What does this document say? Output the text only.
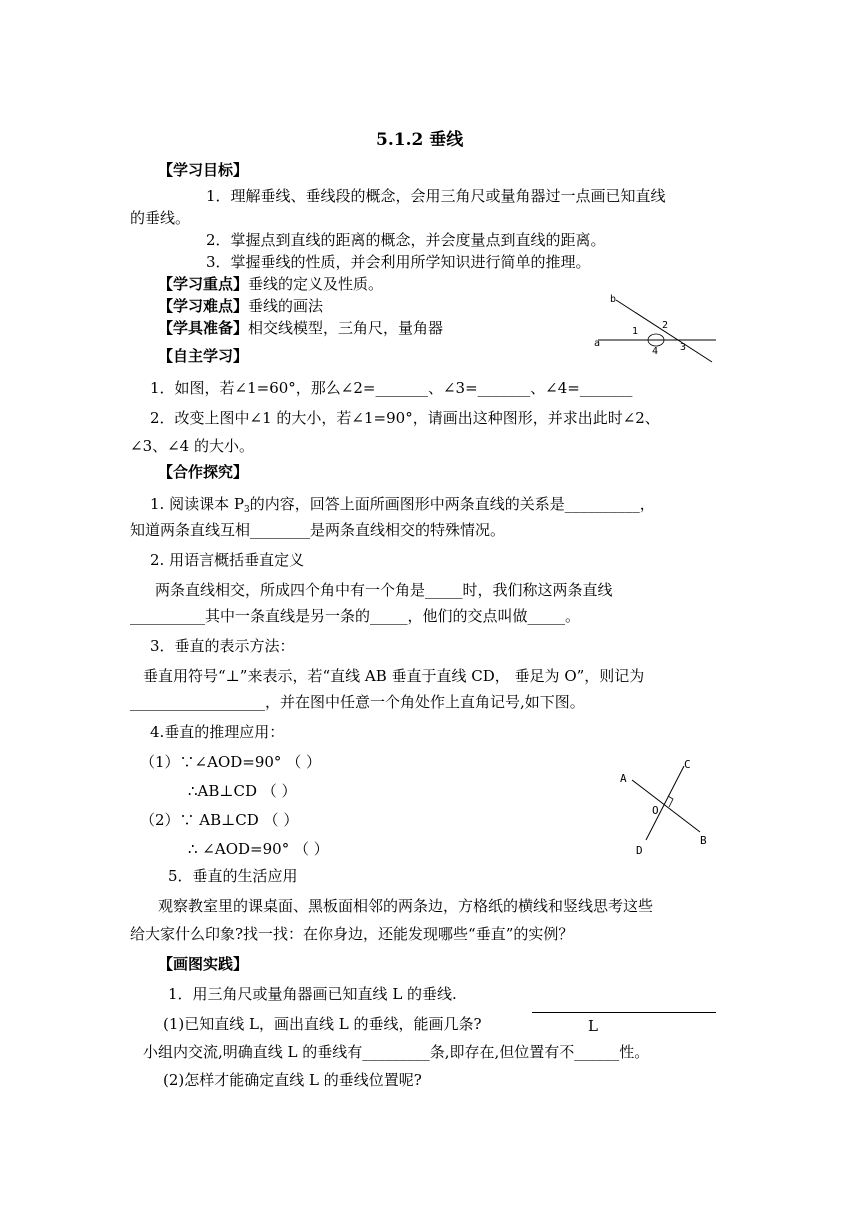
5.1.2 垂线
【学习目标】
1．理解垂线、垂线段的概念，会用三角尺或量角器过一点画已知直线
的垂线。
2．掌握点到直线的距离的概念，并会度量点到直线的距离。
3．掌握垂线的性质，并会利用所学知识进行简单的推理。
【学习重点】垂线的定义及性质。
【学习难点】垂线的画法
【学具准备】相交线模型，三角尺，量角器
a
b
1
2
3
4
【自主学习】
1．如图，若∠1=60°，那么∠2=_______、∠3=_______、∠4=_______
2．改变上图中∠1 的大小，若∠1=90°，请画出这种图形，并求出此时∠2、
∠3、∠4 的大小。
【合作探究】
1. 阅读课本 $P_3$的内容，回答上面所画图形中两条直线的关系是__________，
知道两条直线互相________是两条直线相交的特殊情况。
2. 用语言概括垂直定义
两条直线相交，所成四个角中有一个角是_____时，我们称这两条直线
__________其中一条直线是另一条的_____，他们的交点叫做_____。
3．垂直的表示方法：
垂直用符号“⊥”来表示，若“直线 AB 垂直于直线 CD， 垂足为 O”，则记为
__________________，并在图中任意一个角处作上直角记号,如下图。
4.垂直的推理应用：
（1）∵∠AOD=90° （ ）
∴AB⊥CD （ ）
（2）∵ AB⊥CD （ ）
∴ ∠AOD=90° （ ）
A
C
O
B
D
5．垂直的生活应用
观察教室里的课桌面、黑板面相邻的两条边，方格纸的横线和竖线思考这些
给大家什么印象?找一找：在你身边，还能发现哪些“垂直”的实例？
【画图实践】
1．用三角尺或量角器画已知直线 L 的垂线.
(1)已知直线 L，画出直线 L 的垂线，能画几条?	L
小组内交流,明确直线 L 的垂线有_________条,即存在,但位置有不______性。
(2)怎样才能确定直线 L 的垂线位置呢?
